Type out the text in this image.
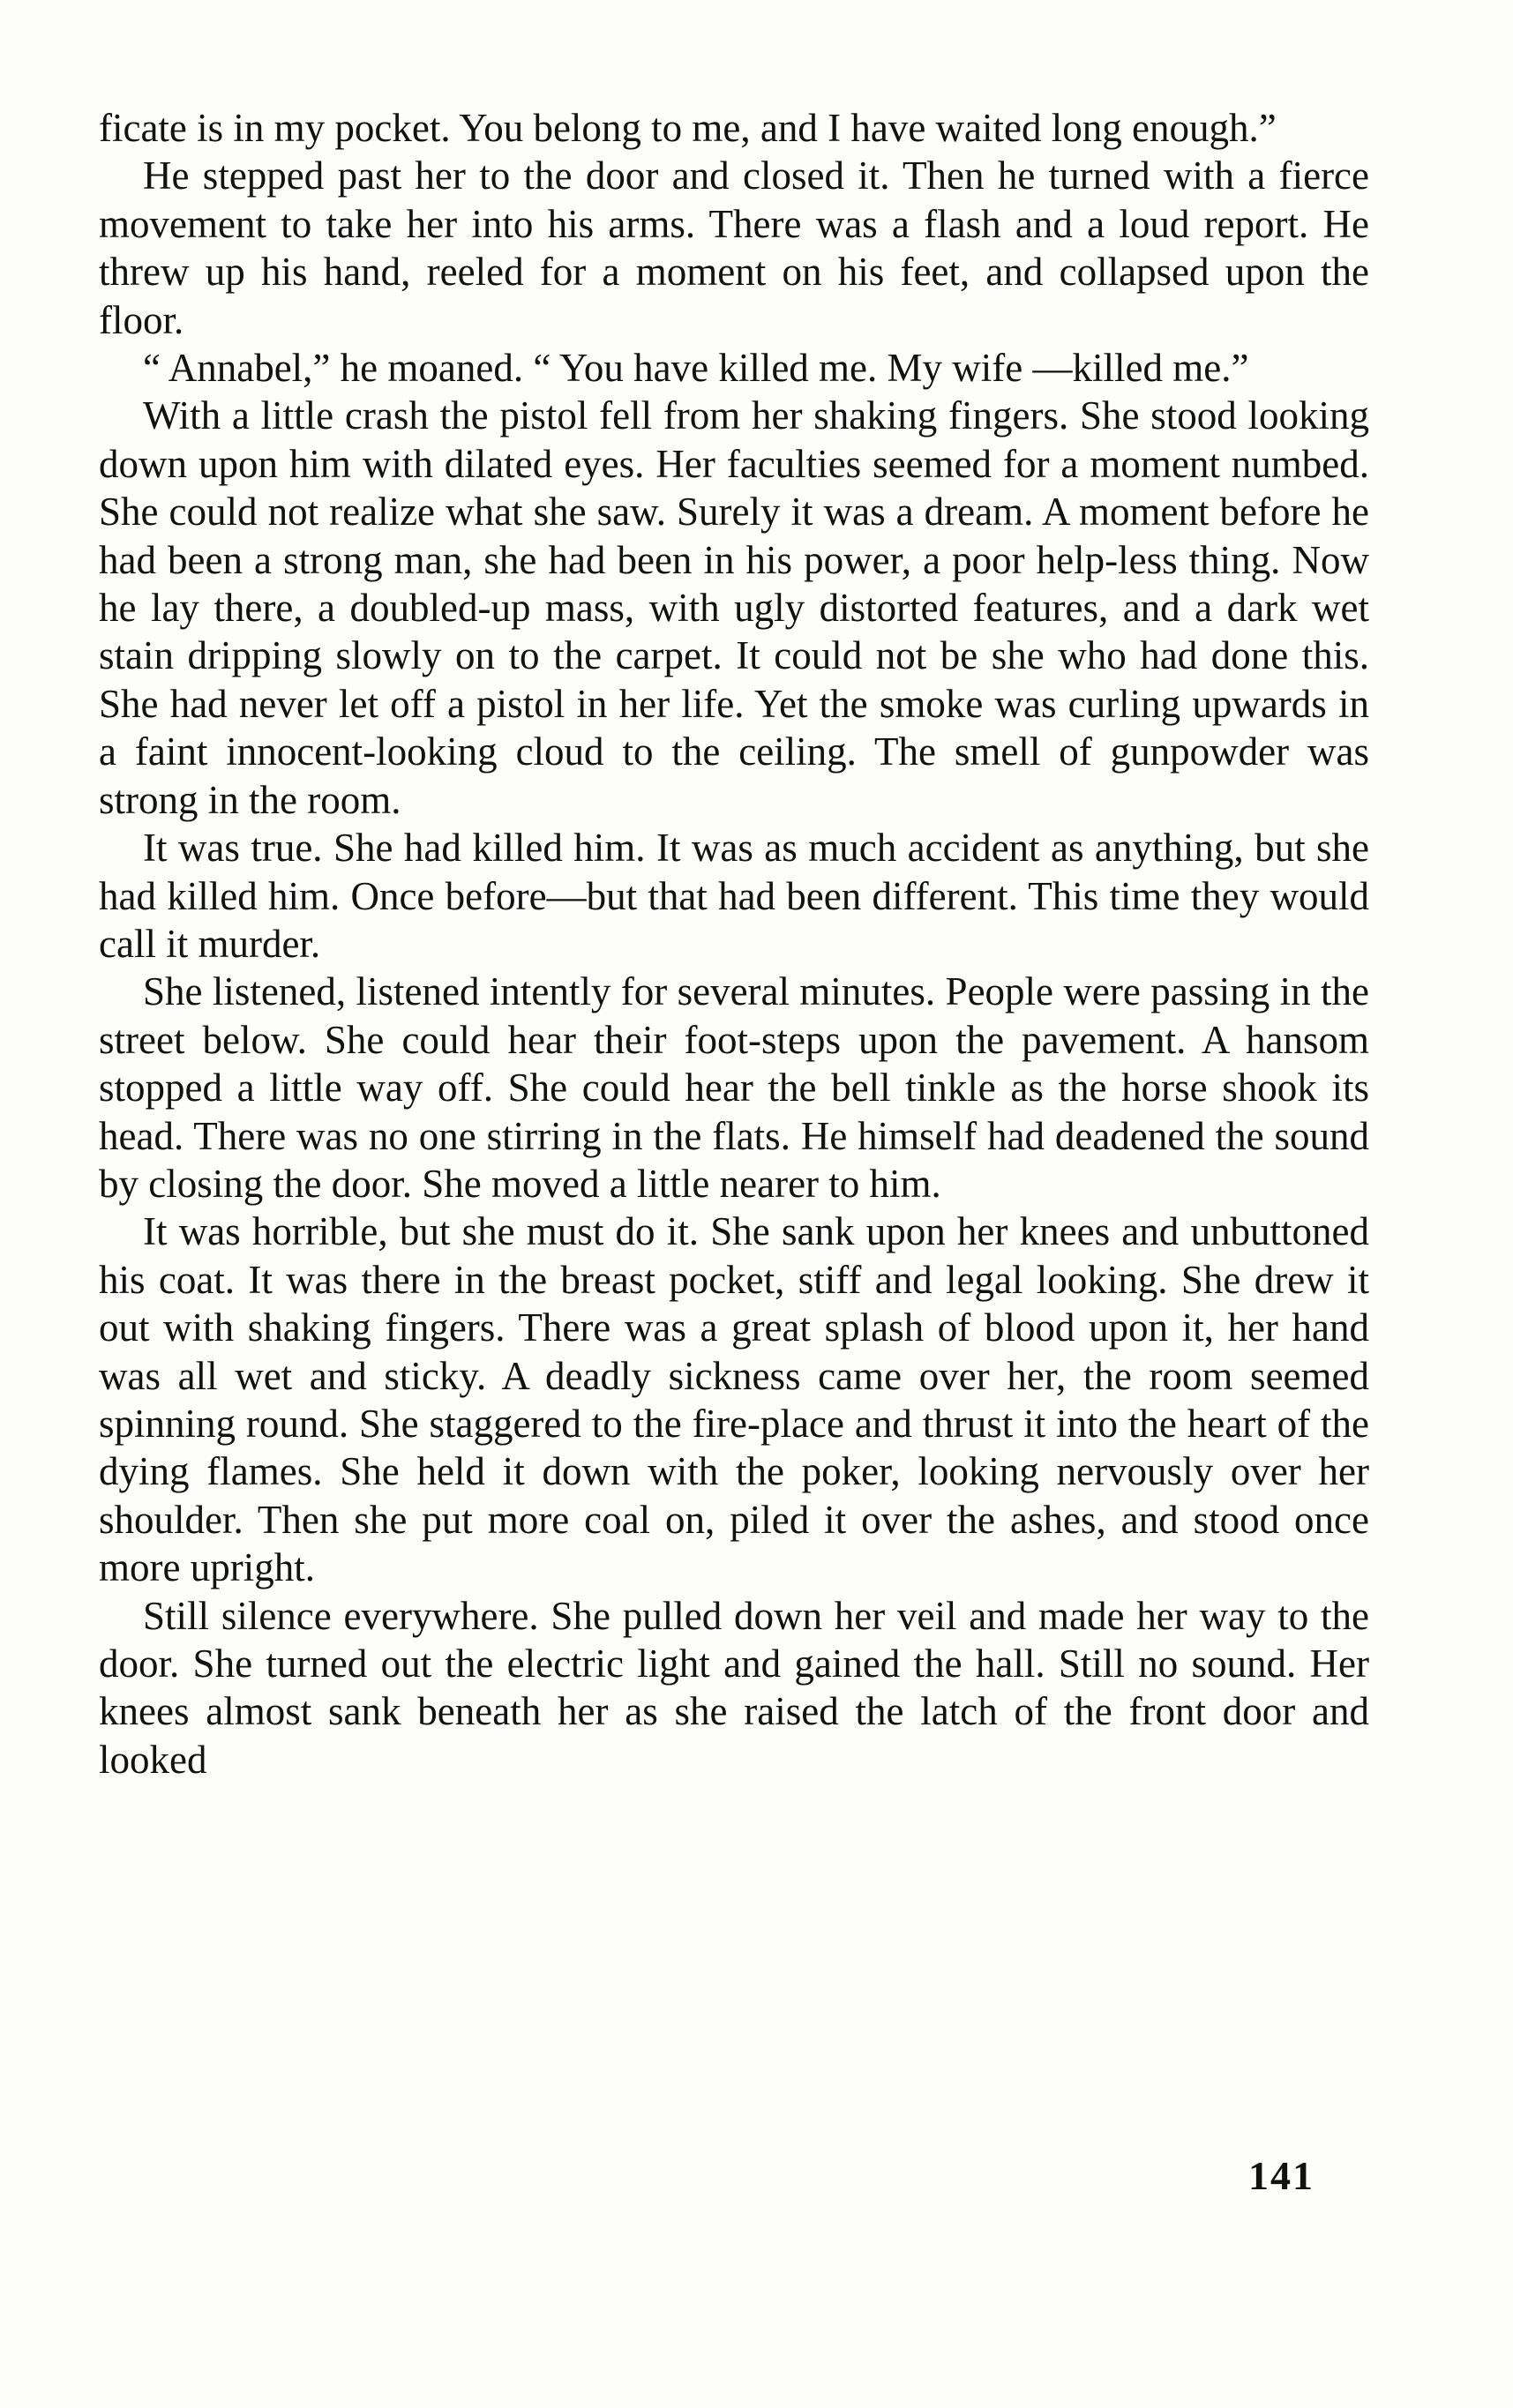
ficate is in my pocket. You belong to me, and I have waited long enough.”

He stepped past her to the door and closed it. Then he turned with a fierce movement to take her into his arms. There was a flash and a loud report. He threw up his hand, reeled for a moment on his feet, and collapsed upon the floor.

“ Annabel,” he moaned. “ You have killed me. My wife —killed me.”

With a little crash the pistol fell from her shaking fingers. She stood looking down upon him with dilated eyes. Her faculties seemed for a moment numbed. She could not realize what she saw. Surely it was a dream. A moment before he had been a strong man, she had been in his power, a poor help-less thing. Now he lay there, a doubled-up mass, with ugly distorted features, and a dark wet stain dripping slowly on to the carpet. It could not be she who had done this. She had never let off a pistol in her life. Yet the smoke was curling upwards in a faint innocent-looking cloud to the ceiling. The smell of gunpowder was strong in the room.

It was true. She had killed him. It was as much accident as anything, but she had killed him. Once before—but that had been different. This time they would call it murder.

She listened, listened intently for several minutes. People were passing in the street below. She could hear their foot-steps upon the pavement. A hansom stopped a little way off. She could hear the bell tinkle as the horse shook its head. There was no one stirring in the flats. He himself had deadened the sound by closing the door. She moved a little nearer to him.

It was horrible, but she must do it. She sank upon her knees and unbuttoned his coat. It was there in the breast pocket, stiff and legal looking. She drew it out with shaking fingers. There was a great splash of blood upon it, her hand was all wet and sticky. A deadly sickness came over her, the room seemed spinning round. She staggered to the fire-place and thrust it into the heart of the dying flames. She held it down with the poker, looking nervously over her shoulder. Then she put more coal on, piled it over the ashes, and stood once more upright.

Still silence everywhere. She pulled down her veil and made her way to the door. She turned out the electric light and gained the hall. Still no sound. Her knees almost sank beneath her as she raised the latch of the front door and looked

141
